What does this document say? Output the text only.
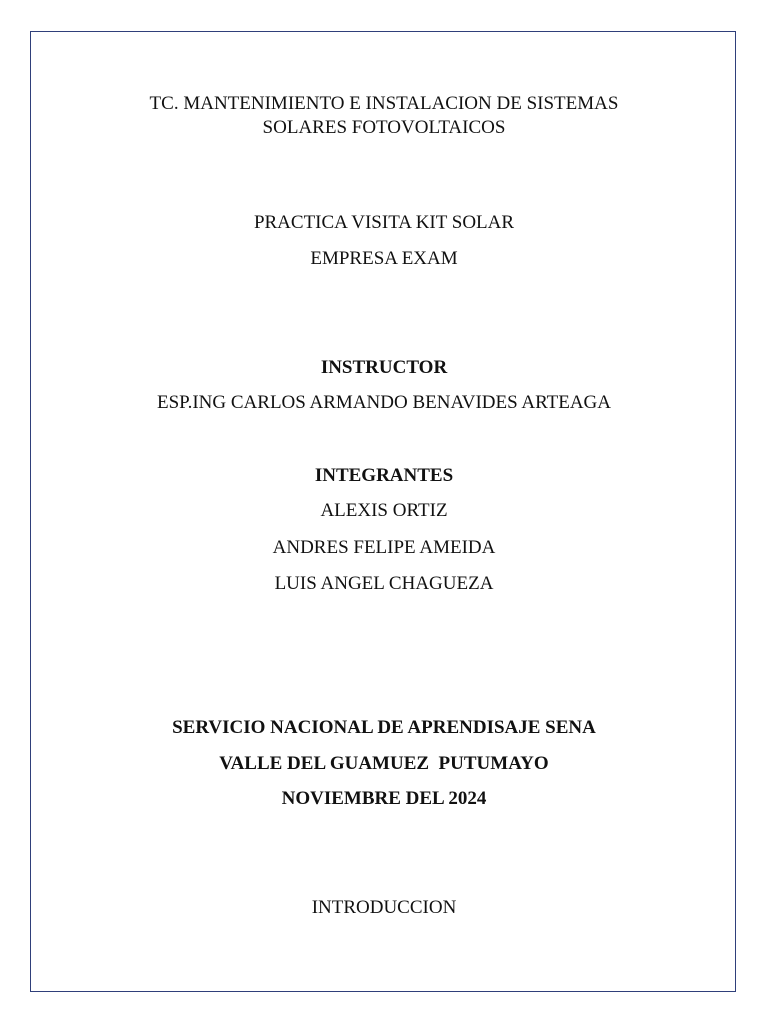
TC. MANTENIMIENTO E INSTALACION DE SISTEMAS
SOLARES FOTOVOLTAICOS
PRACTICA VISITA KIT SOLAR
EMPRESA EXAM
INSTRUCTOR
ESP.ING CARLOS ARMANDO BENAVIDES ARTEAGA
INTEGRANTES
ALEXIS ORTIZ
ANDRES FELIPE AMEIDA
LUIS ANGEL CHAGUEZA
SERVICIO NACIONAL DE APRENDISAJE SENA
VALLE DEL GUAMUEZ  PUTUMAYO
NOVIEMBRE DEL 2024
INTRODUCCION
